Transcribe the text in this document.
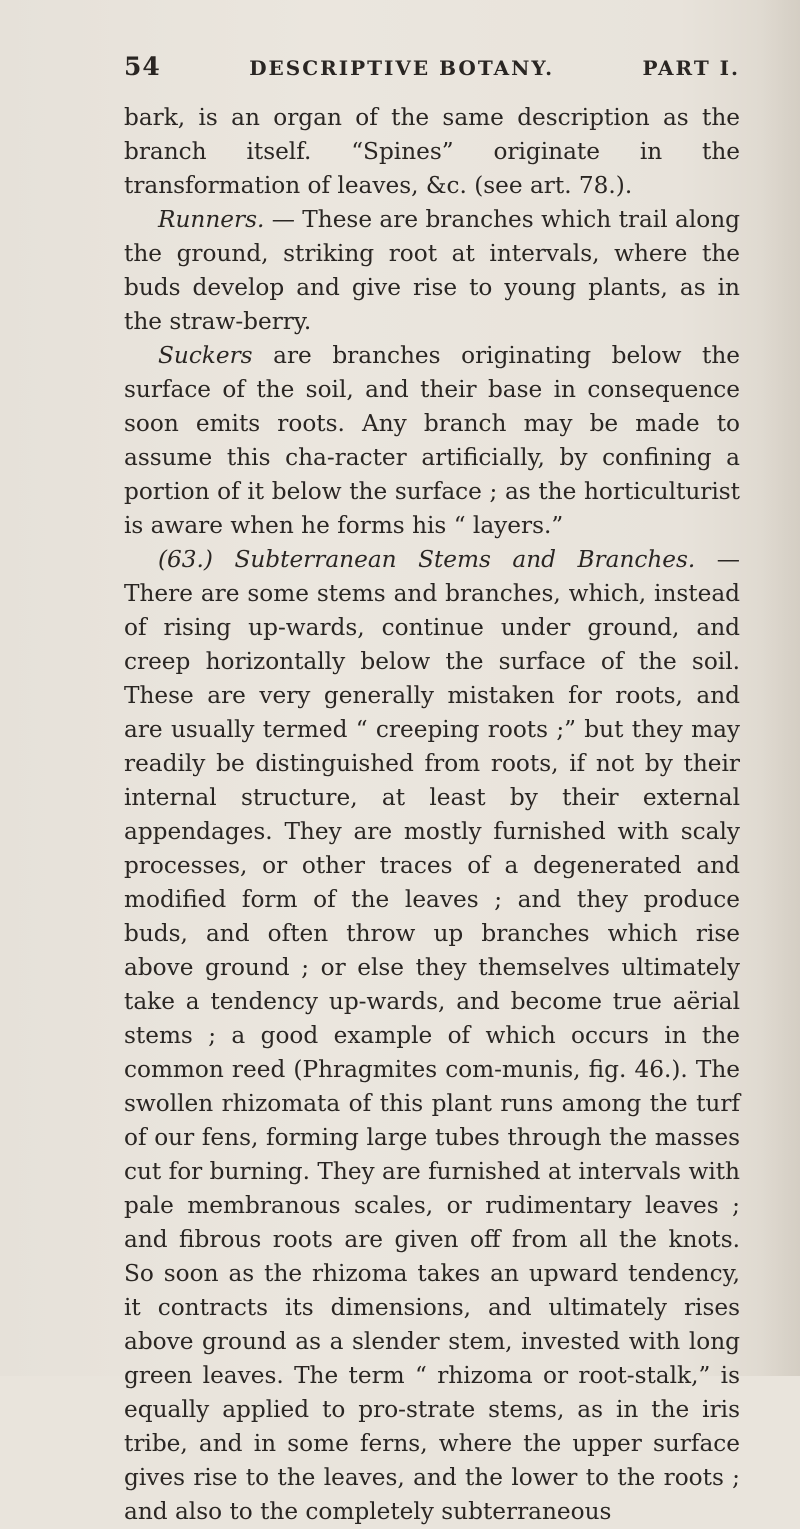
54	DESCRIPTIVE BOTANY.	PART I.

bark, is an organ of the same description as the branch itself. “Spines” originate in the transformation of leaves, &c. (see art. 78.).

Runners. — These are branches which trail along the ground, striking root at intervals, where the buds develop and give rise to young plants, as in the straw-berry.

Suckers are branches originating below the surface of the soil, and their base in consequence soon emits roots. Any branch may be made to assume this cha-racter artificially, by confining a portion of it below the surface ; as the horticulturist is aware when he forms his “ layers.”

(63.) Subterranean Stems and Branches. — There are some stems and branches, which, instead of rising up-wards, continue under ground, and creep horizontally below the surface of the soil. These are very generally mistaken for roots, and are usually termed “ creeping roots ;” but they may readily be distinguished from roots, if not by their internal structure, at least by their external appendages. They are mostly furnished with scaly processes, or other traces of a degenerated and modified form of the leaves ; and they produce buds, and often throw up branches which rise above ground ; or else they themselves ultimately take a tendency up-wards, and become true aërial stems ; a good example of which occurs in the common reed (Phragmites com-munis, fig. 46.). The swollen rhizomata of this plant runs among the turf of our fens, forming large tubes through the masses cut for burning. They are furnished at intervals with pale membranous scales, or rudimentary leaves ; and fibrous roots are given off from all the knots. So soon as the rhizoma takes an upward tendency, it contracts its dimensions, and ultimately rises above ground as a slender stem, invested with long green leaves. The term “ rhizoma or root-stalk,” is equally applied to pro-strate stems, as in the iris tribe, and in some ferns, where the upper surface gives rise to the leaves, and the lower to the roots ; and also to the completely subterraneous
